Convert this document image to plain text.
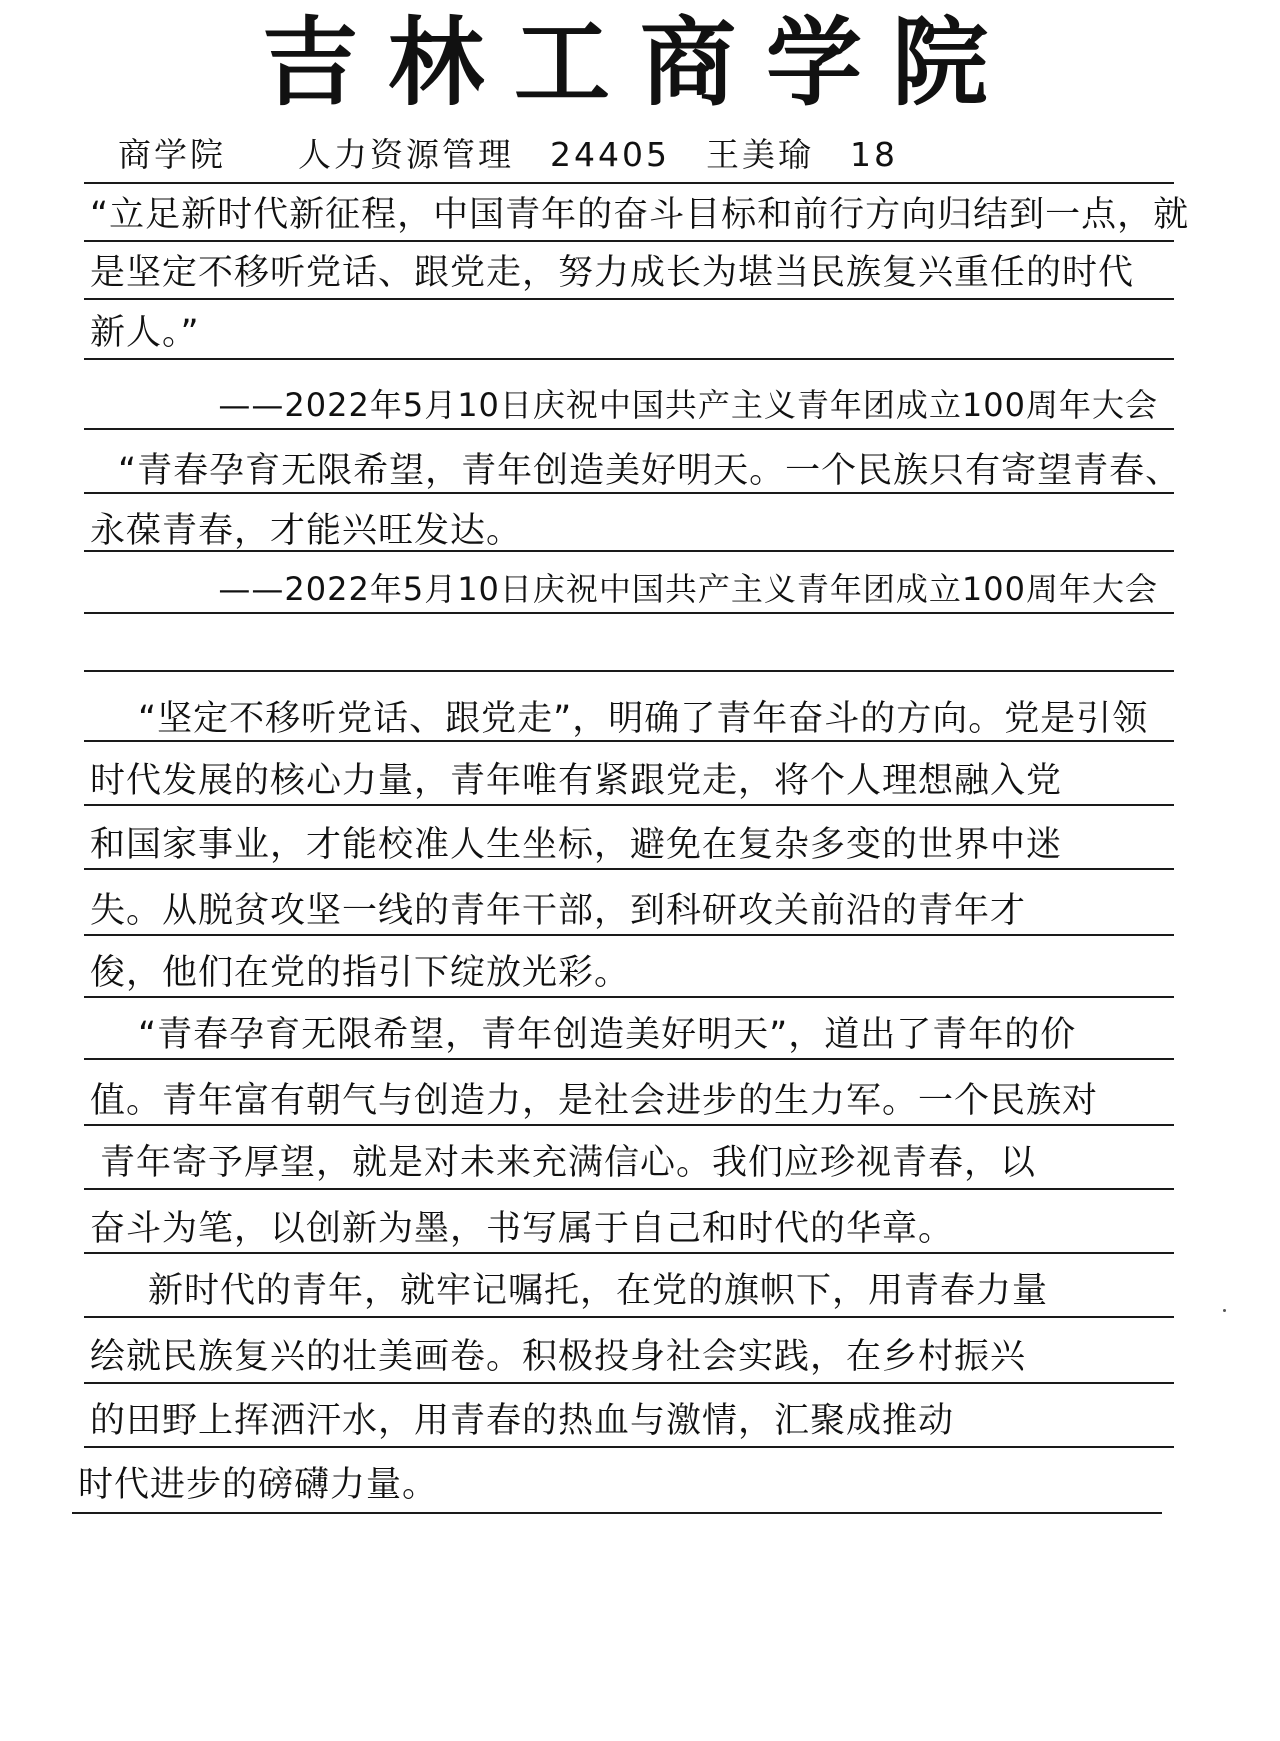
吉林工商学院
商学院　　人力资源管理　24405　王美瑜　18
“立足新时代新征程，中国青年的奋斗目标和前行方向归结到一点，就
是坚定不移听党话、跟党走，努力成长为堪当民族复兴重任的时代
新人。”
——2022年5月10日庆祝中国共产主义青年团成立100周年大会
“青春孕育无限希望，青年创造美好明天。一个民族只有寄望青春、
永葆青春，才能兴旺发达。
——2022年5月10日庆祝中国共产主义青年团成立100周年大会
“坚定不移听党话、跟党走”，明确了青年奋斗的方向。党是引领
时代发展的核心力量，青年唯有紧跟党走，将个人理想融入党
和国家事业，才能校准人生坐标，避免在复杂多变的世界中迷
失。从脱贫攻坚一线的青年干部，到科研攻关前沿的青年才
俊，他们在党的指引下绽放光彩。
“青春孕育无限希望，青年创造美好明天”，道出了青年的价
值。青年富有朝气与创造力，是社会进步的生力军。一个民族对
青年寄予厚望，就是对未来充满信心。我们应珍视青春，以
奋斗为笔，以创新为墨，书写属于自己和时代的华章。
新时代的青年，就牢记嘱托，在党的旗帜下，用青春力量
绘就民族复兴的壮美画卷。积极投身社会实践，在乡村振兴
的田野上挥洒汗水，用青春的热血与激情，汇聚成推动
时代进步的磅礴力量。
